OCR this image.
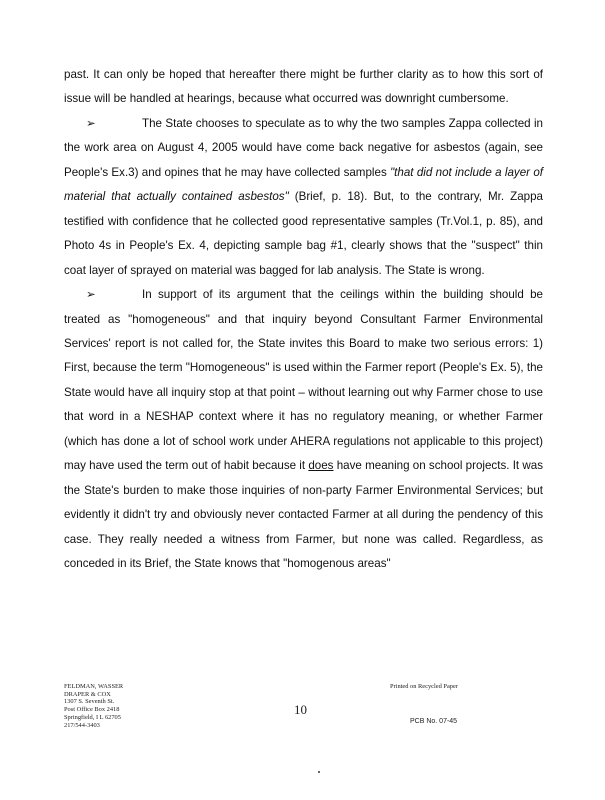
past. It can only be hoped that hereafter there might be further clarity as to how this sort of issue will be handled at hearings, because what occurred was downright cumbersome.

➢	The State chooses to speculate as to why the two samples Zappa collected in the work area on August 4, 2005 would have come back negative for asbestos (again, see People's Ex.3) and opines that he may have collected samples "that did not include a layer of material that actually contained asbestos" (Brief, p. 18). But, to the contrary, Mr. Zappa testified with confidence that he collected good representative samples (Tr.Vol.1, p. 85), and Photo 4s in People's Ex. 4, depicting sample bag #1, clearly shows that the "suspect" thin coat layer of sprayed on material was bagged for lab analysis. The State is wrong.

➢	In support of its argument that the ceilings within the building should be treated as "homogeneous" and that inquiry beyond Consultant Farmer Environmental Services' report is not called for, the State invites this Board to make two serious errors: 1) First, because the term "Homogeneous" is used within the Farmer report (People's Ex. 5), the State would have all inquiry stop at that point – without learning out why Farmer chose to use that word in a NESHAP context where it has no regulatory meaning, or whether Farmer (which has done a lot of school work under AHERA regulations not applicable to this project) may have used the term out of habit because it does have meaning on school projects. It was the State's burden to make those inquiries of non-party Farmer Environmental Services; but evidently it didn't try and obviously never contacted Farmer at all during the pendency of this case. They really needed a witness from Farmer, but none was called. Regardless, as conceded in its Brief, the State knows that "homogenous areas"

FELDMAN, WASSER
DRAPER & COX
1307 S. Seventh St.
Post Office Box 2418
Springfield, I L 62705
217/544-3403
10
Printed on Recycled Paper
PCB No. 07-45
